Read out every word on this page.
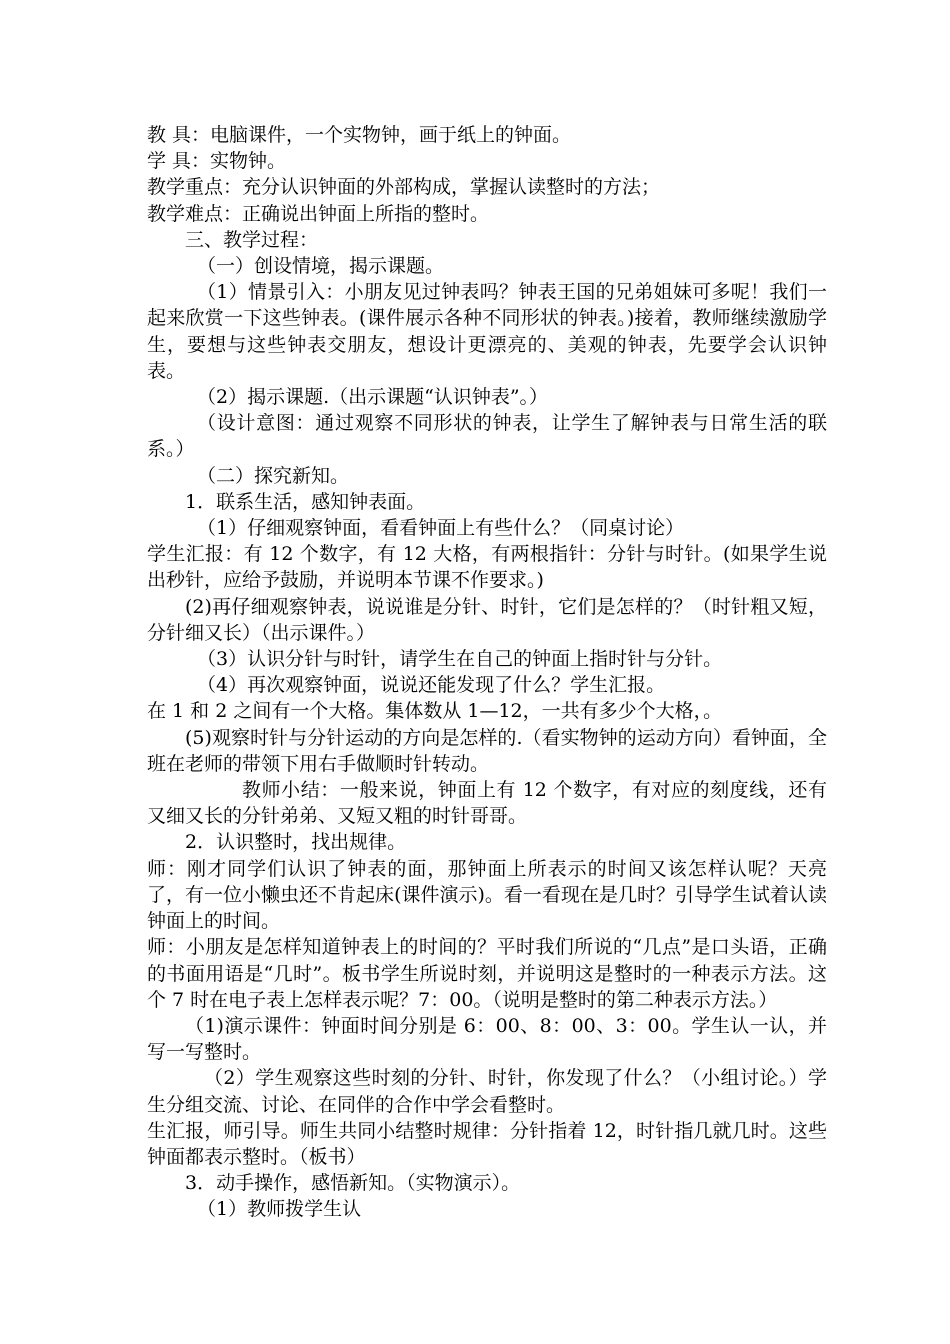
教 具：电脑课件，一个实物钟，画于纸上的钟面。

学 具：实物钟。

教学重点：充分认识钟面的外部构成，掌握认读整时的方法；

教学难点：正确说出钟面上所指的整时。

三、教学过程：

（一）创设情境，揭示课题。

（1）情景引入：小朋友见过钟表吗？钟表王国的兄弟姐妹可多呢！我们一起来欣赏一下这些钟表。(课件展示各种不同形状的钟表。)接着，教师继续激励学生，要想与这些钟表交朋友，想设计更漂亮的、美观的钟表，先要学会认识钟表。

（2）揭示课题.（出示课题“认识钟表”。）

（设计意图：通过观察不同形状的钟表，让学生了解钟表与日常生活的联系。）

（二）探究新知。

1．联系生活，感知钟表面。

（1）仔细观察钟面，看看钟面上有些什么？（同桌讨论）

学生汇报：有 12 个数字，有 12 大格，有两根指针：分针与时针。(如果学生说出秒针，应给予鼓励，并说明本节课不作要求。)

(2)再仔细观察钟表，说说谁是分针、时针，它们是怎样的？（时针粗又短，分针细又长）（出示课件。）

（3）认识分针与时针，请学生在自己的钟面上指时针与分针。

（4）再次观察钟面，说说还能发现了什么？学生汇报。

在 1 和 2 之间有一个大格。集体数从 1—12，一共有多少个大格，。

(5)观察时针与分针运动的方向是怎样的.（看实物钟的运动方向）看钟面，全班在老师的带领下用右手做顺时针转动。

教师小结：一般来说，钟面上有 12 个数字，有对应的刻度线，还有又细又长的分针弟弟、又短又粗的时针哥哥。

2．认识整时，找出规律。

师：刚才同学们认识了钟表的面，那钟面上所表示的时间又该怎样认呢？天亮了，有一位小懒虫还不肯起床(课件演示)。看一看现在是几时？引导学生试着认读钟面上的时间。

师：小朋友是怎样知道钟表上的时间的？平时我们所说的“几点”是口头语，正确的书面用语是“几时”。板书学生所说时刻，并说明这是整时的一种表示方法。这个 7 时在电子表上怎样表示呢？7：00。（说明是整时的第二种表示方法。）

（1)演示课件：钟面时间分别是 6：00、8：00、3：00。学生认一认，并写一写整时。

（2）学生观察这些时刻的分针、时针，你发现了什么？（小组讨论。）学生分组交流、讨论、在同伴的合作中学会看整时。

生汇报，师引导。师生共同小结整时规律：分针指着 12，时针指几就几时。这些钟面都表示整时。（板书）

3．动手操作，感悟新知。（实物演示）。

（1）教师拨学生认
